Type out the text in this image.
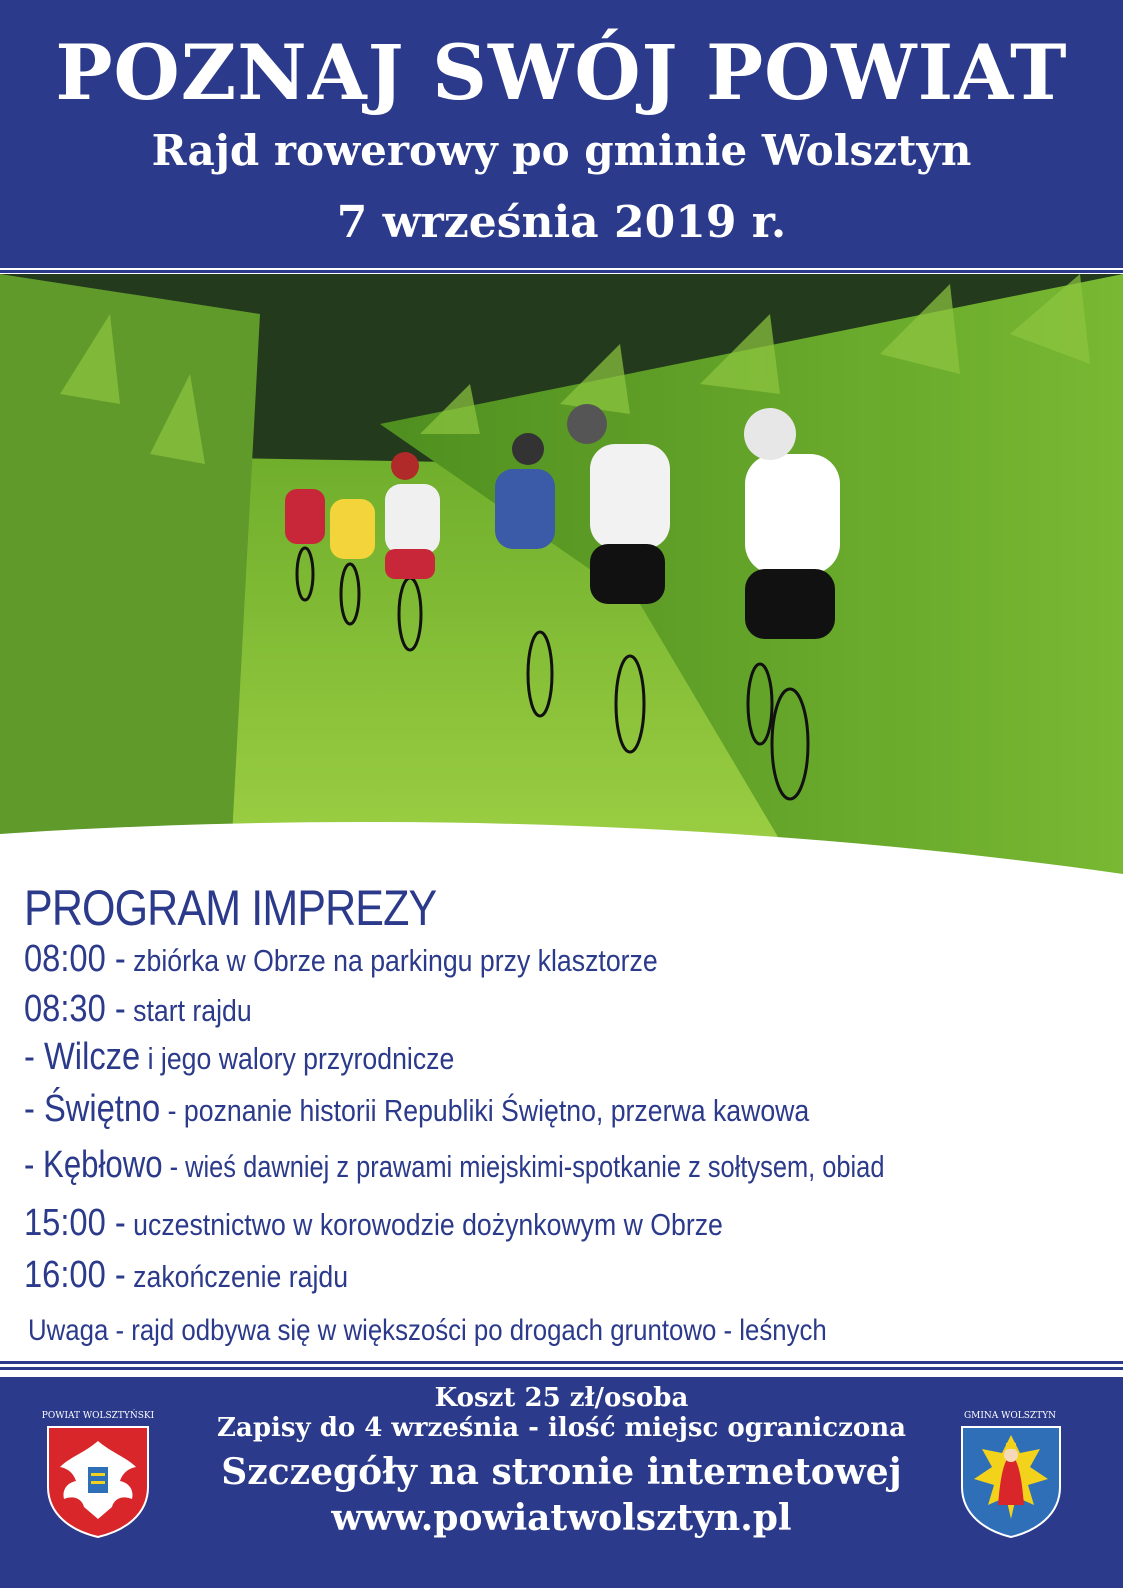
POZNAJ SWÓJ POWIAT
Rajd rowerowy po gminie Wolsztyn
7 września 2019 r.
PROGRAM IMPREZY
08:00 - zbiórka w Obrze na parkingu przy klasztorze
08:30 - start rajdu
- Wilcze i jego walory przyrodnicze
- Świętno - poznanie historii Republiki Świętno, przerwa kawowa
- Kębłowo - wieś dawniej z prawami miejskimi-spotkanie z sołtysem, obiad
15:00 - uczestnictwo w korowodzie dożynkowym w Obrze
16:00 - zakończenie rajdu
Uwaga - rajd odbywa się w większości po drogach gruntowo - leśnych
Koszt 25 zł/osoba
Zapisy do 4 września - ilość miejsc ograniczona
Szczegóły na stronie internetowej
www.powiatwolsztyn.pl
POWIAT WOLSZTYŃSKI	GMINA WOLSZTYN
